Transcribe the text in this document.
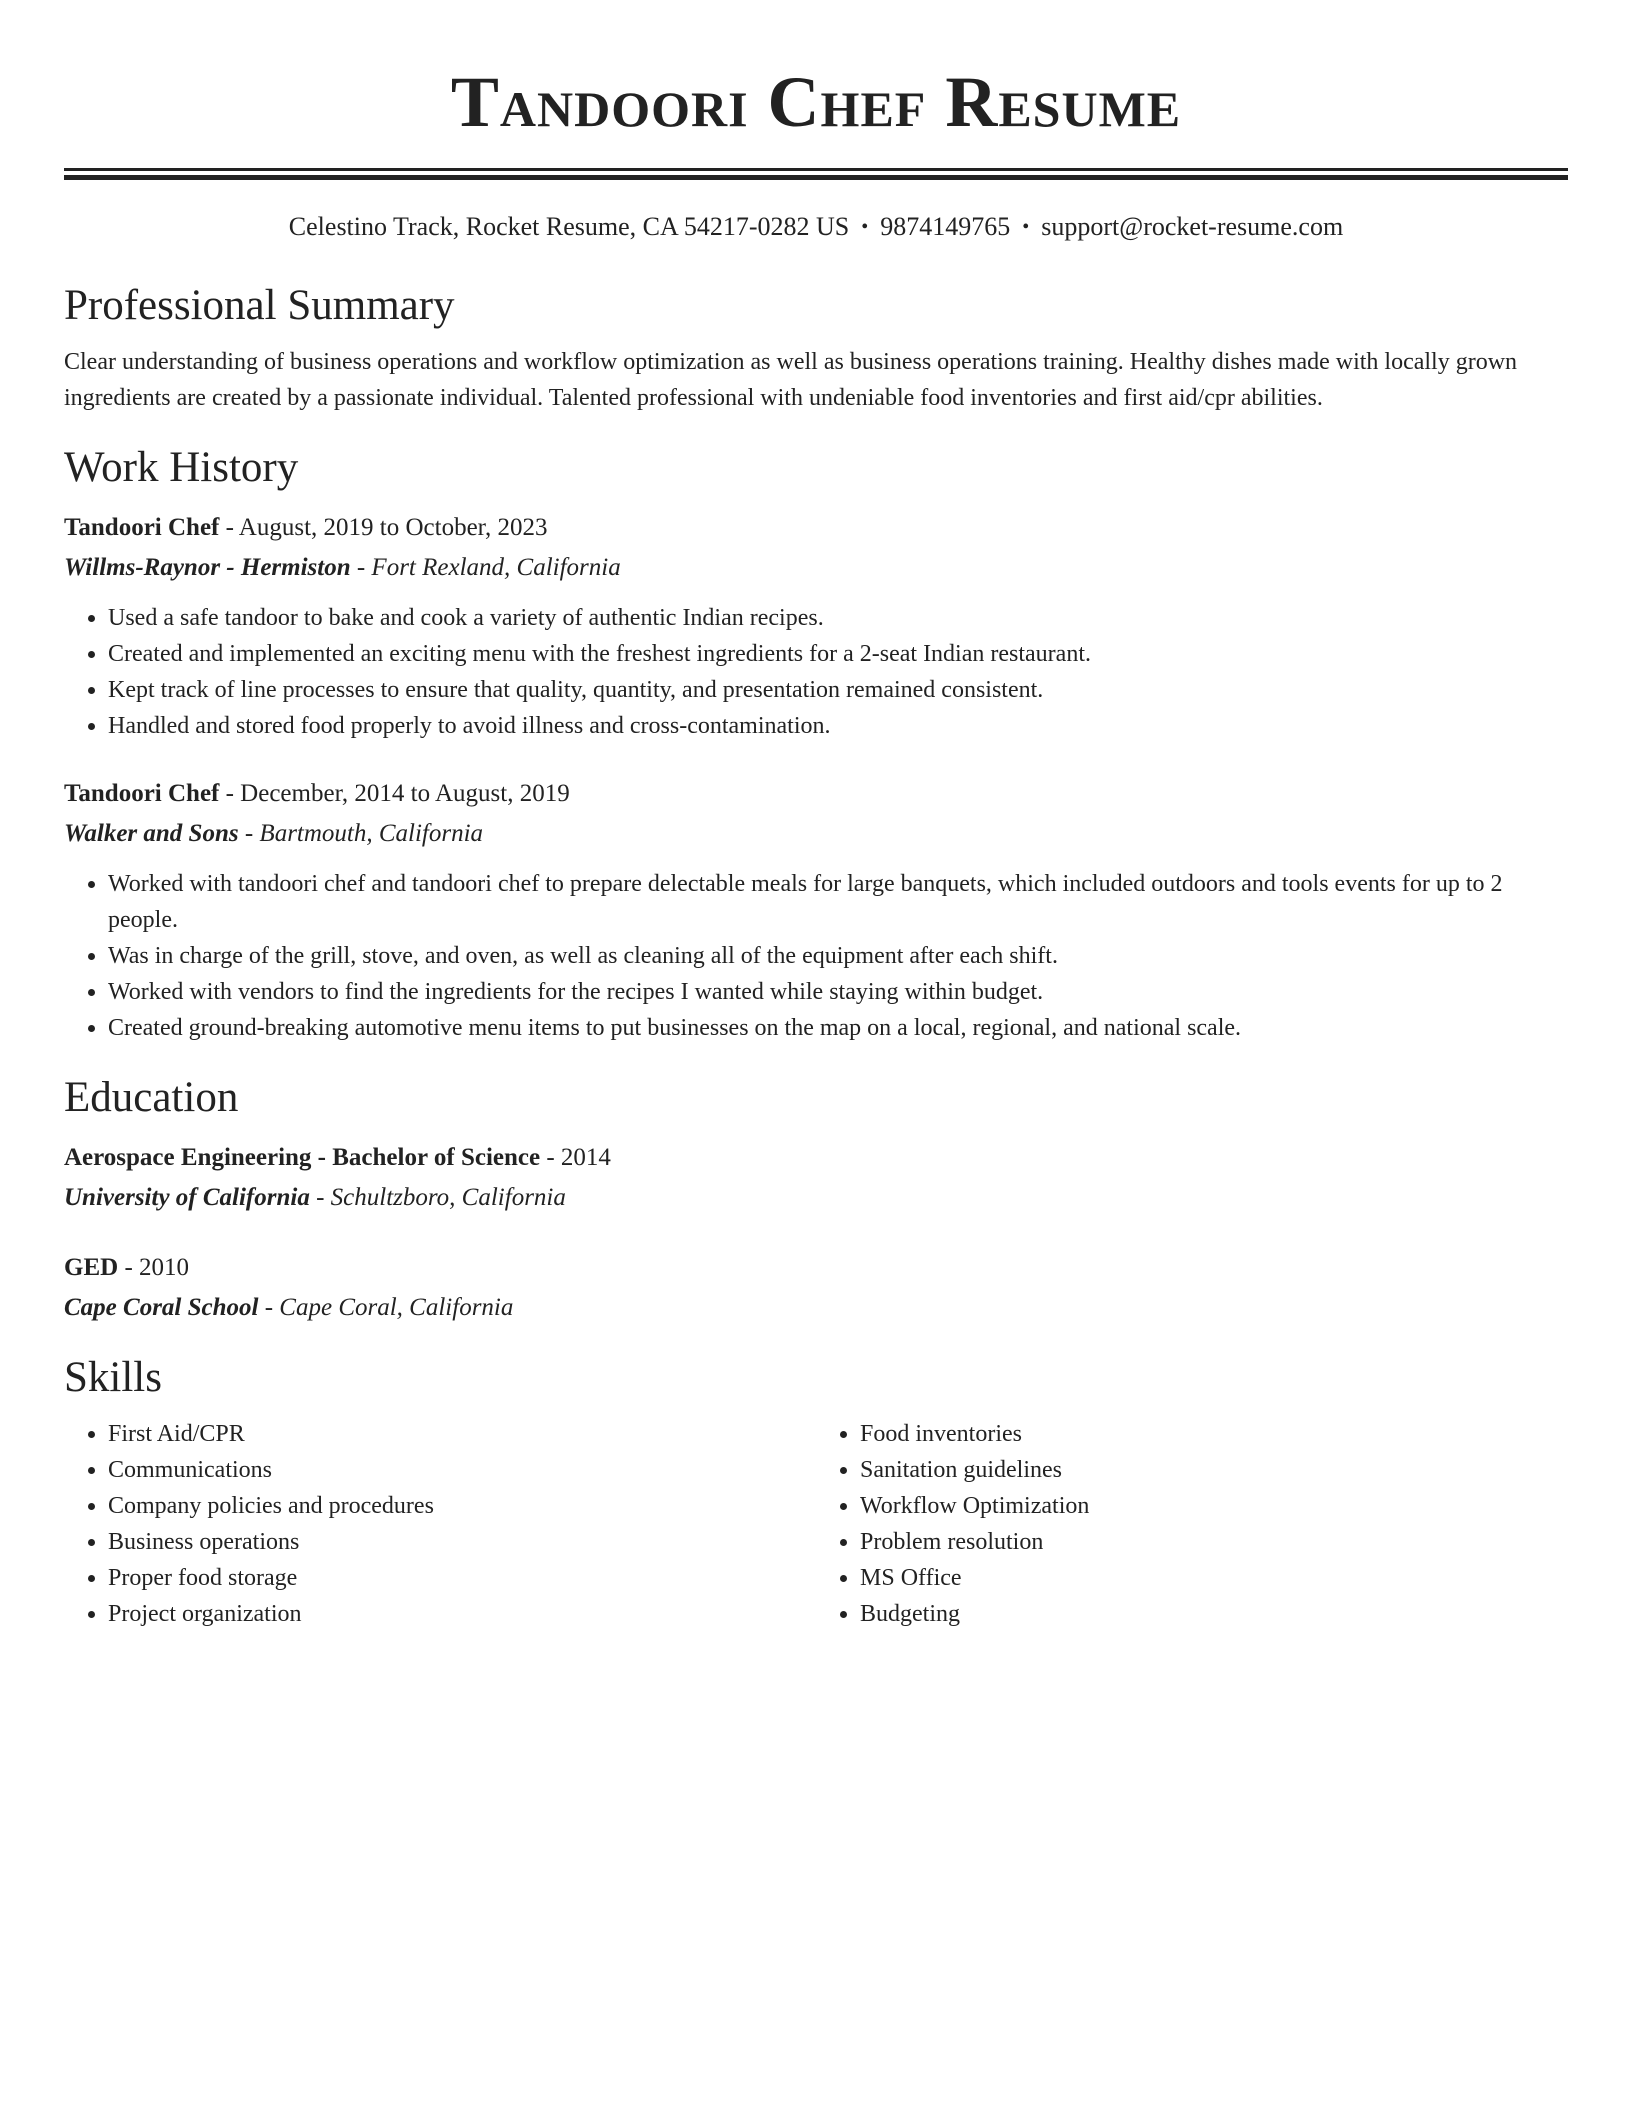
Tandoori Chef Resume
Celestino Track, Rocket Resume, CA 54217-0282 US • 9874149765 • support@rocket-resume.com
Professional Summary

Clear understanding of business operations and workflow optimization as well as business operations training. Healthy dishes made with locally grown ingredients are created by a passionate individual. Talented professional with undeniable food inventories and first aid/cpr abilities.

Work History
Tandoori Chef - August, 2019 to October, 2023
Willms-Raynor - Hermiston - Fort Rexland, California
• Used a safe tandoor to bake and cook a variety of authentic Indian recipes.
• Created and implemented an exciting menu with the freshest ingredients for a 2-seat Indian restaurant.
• Kept track of line processes to ensure that quality, quantity, and presentation remained consistent.
• Handled and stored food properly to avoid illness and cross-contamination.
Tandoori Chef - December, 2014 to August, 2019
Walker and Sons - Bartmouth, California
• Worked with tandoori chef and tandoori chef to prepare delectable meals for large banquets, which included outdoors and tools events for up to 2 people.
• Was in charge of the grill, stove, and oven, as well as cleaning all of the equipment after each shift.
• Worked with vendors to find the ingredients for the recipes I wanted while staying within budget.
• Created ground-breaking automotive menu items to put businesses on the map on a local, regional, and national scale.
Education
Aerospace Engineering - Bachelor of Science - 2014
University of California - Schultzboro, California
GED - 2010
Cape Coral School - Cape Coral, California
Skills
• First Aid/CPR
• Communications
• Company policies and procedures
• Business operations
• Proper food storage
• Project organization
• Food inventories
• Sanitation guidelines
• Workflow Optimization
• Problem resolution
• MS Office
• Budgeting
